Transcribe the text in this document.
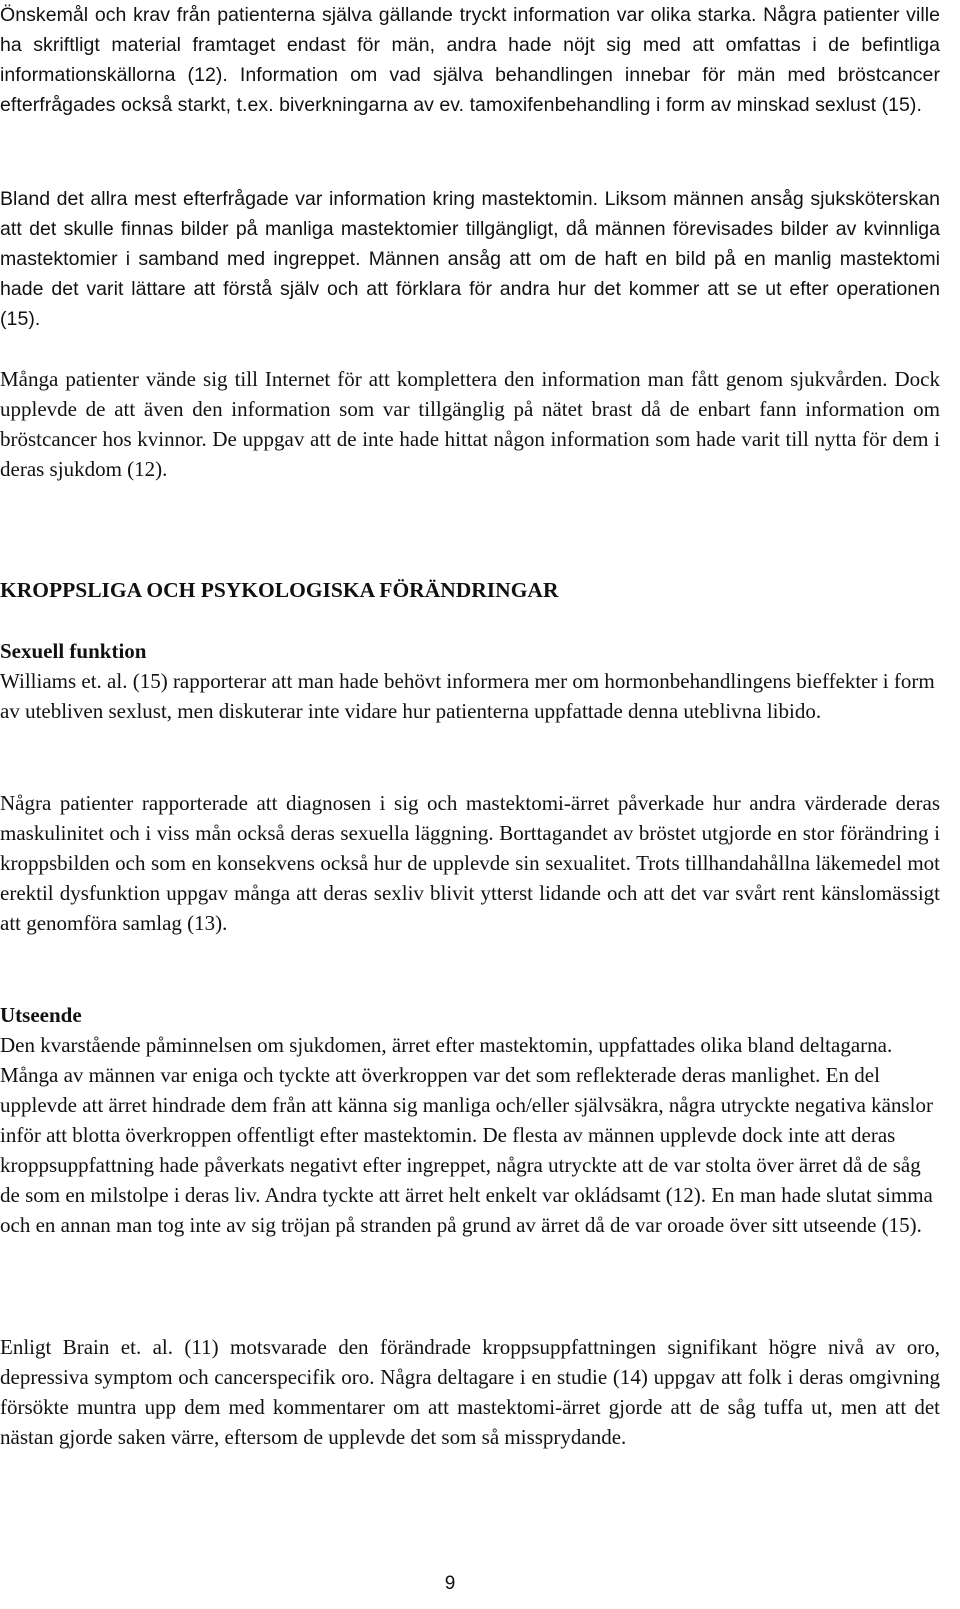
Önskemål och krav från patienterna själva gällande tryckt information var olika starka. Några patienter ville ha skriftligt material framtaget endast för män, andra hade nöjt sig med att omfattas i de befintliga informationskällorna (12). Information om vad själva behandlingen innebar för män med bröstcancer efterfrågades också starkt, t.ex. biverkningarna av ev. tamoxifenbehandling i form av minskad sexlust (15).

Bland det allra mest efterfrågade var information kring mastektomin. Liksom männen ansåg sjuksköterskan att det skulle finnas bilder på manliga mastektomier tillgängligt, då männen förevisades bilder av kvinnliga mastektomier i samband med ingreppet. Männen ansåg att om de haft en bild på en manlig mastektomi hade det varit lättare att förstå själv och att förklara för andra hur det kommer att se ut efter operationen (15).

Många patienter vände sig till Internet för att komplettera den information man fått genom sjukvården. Dock upplevde de att även den information som var tillgänglig på nätet brast då de enbart fann information om bröstcancer hos kvinnor. De uppgav att de inte hade hittat någon information som hade varit till nytta för dem i deras sjukdom (12).

KROPPSLIGA OCH PSYKOLOGISKA FÖRÄNDRINGAR
Sexuell funktion

Williams et. al. (15) rapporterar att man hade behövt informera mer om hormonbehandlingens bieffekter i form av utebliven sexlust, men diskuterar inte vidare hur patienterna uppfattade denna uteblivna libido.

Några patienter rapporterade att diagnosen i sig och mastektomi-ärret påverkade hur andra värderade deras maskulinitet och i viss mån också deras sexuella läggning. Borttagandet av bröstet utgjorde en stor förändring i kroppsbilden och som en konsekvens också hur de upplevde sin sexualitet. Trots tillhandahållna läkemedel mot erektil dysfunktion uppgav många att deras sexliv blivit ytterst lidande och att det var svårt rent känslomässigt att genomföra samlag (13).

Utseende

Den kvarstående påminnelsen om sjukdomen, ärret efter mastektomin, uppfattades olika bland deltagarna. Många av männen var eniga och tyckte att överkroppen var det som reflekterade deras manlighet. En del upplevde att ärret hindrade dem från att känna sig manliga och/eller självsäkra, några utryckte negativa känslor inför att blotta överkroppen offentligt efter mastektomin. De flesta av männen upplevde dock inte att deras kroppsuppfattning hade påverkats negativt efter ingreppet, några utryckte att de var stolta över ärret då de såg de som en milstolpe i deras liv. Andra tyckte att ärret helt enkelt var okládsamt (12). En man hade slutat simma och en annan man tog inte av sig tröjan på stranden på grund av ärret då de var oroade över sitt utseende (15).

Enligt Brain et. al. (11) motsvarade den förändrade kroppsuppfattningen signifikant högre nivå av oro, depressiva symptom och cancerspecifik oro. Några deltagare i en studie (14) uppgav att folk i deras omgivning försökte muntra upp dem med kommentarer om att mastektomi-ärret gjorde att de såg tuffa ut, men att det nästan gjorde saken värre, eftersom de upplevde det som så missprydande.

9
